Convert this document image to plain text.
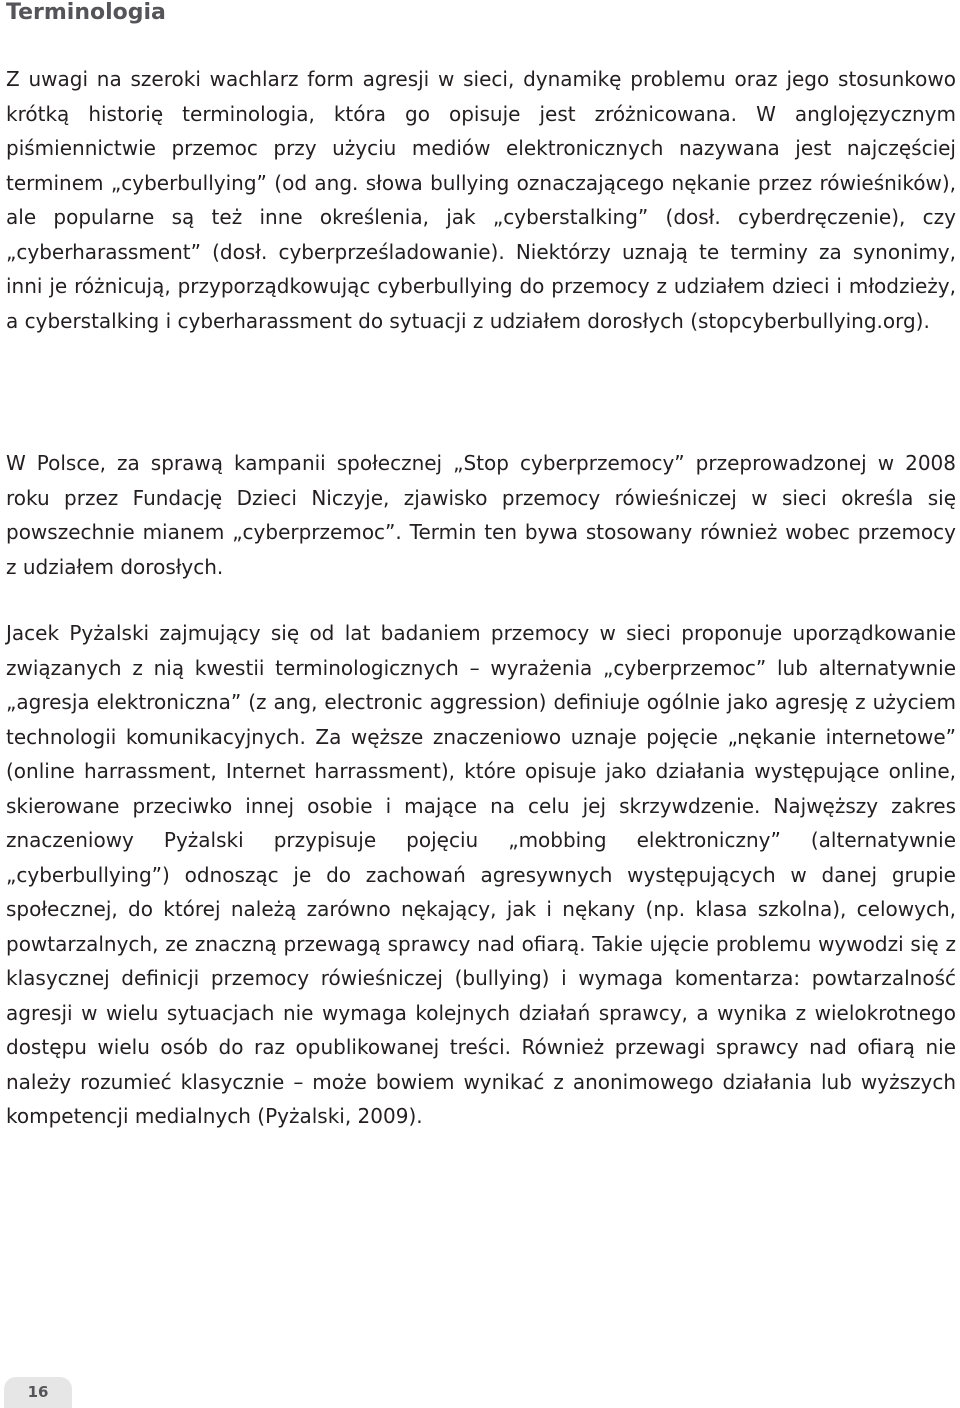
Terminologia

Z uwagi na szeroki wachlarz form agresji w sieci, dynamikę problemu oraz jego stosunkowo krótką historię terminologia, która go opisuje jest zróżnicowana. W anglojęzycznym piśmiennictwie przemoc przy użyciu mediów elektronicznych nazywana jest najczęściej terminem „cyberbullying” (od ang. słowa bullying oznaczającego nękanie przez rówieśników), ale popularne są też inne określenia, jak „cyberstalking” (dosł. cyberdręczenie), czy „cyberharassment” (dosł. cyberprześladowanie). Niektórzy uznają te terminy za synonimy, inni je różnicują, przyporządkowując cyberbullying do przemocy z udziałem dzieci i młodzieży, a cyberstalking i cyberharassment do sytuacji z udziałem dorosłych (stopcyberbullying.org).

W Polsce, za sprawą kampanii społecznej „Stop cyberprzemocy” przeprowadzonej w 2008 roku przez Fundację Dzieci Niczyje, zjawisko przemocy rówieśniczej w sieci określa się powszechnie mianem „cyberprzemoc”. Termin ten bywa stosowany również wobec przemocy z udziałem dorosłych.

Jacek Pyżalski zajmujący się od lat badaniem przemocy w sieci proponuje uporządkowanie związanych z nią kwestii terminologicznych – wyrażenia „cyberprzemoc” lub alternatywnie „agresja elektroniczna” (z ang, electronic aggression) definiuje ogólnie jako agresję z użyciem technologii komunikacyjnych. Za węższe znaczeniowo uznaje pojęcie „nękanie internetowe” (online harrassment, Internet harrassment), które opisuje jako działania występujące online, skierowane przeciwko innej osobie i mające na celu jej skrzywdzenie. Najwęższy zakres znaczeniowy Pyżalski przypisuje pojęciu „mobbing elektroniczny” (alternatywnie „cyberbullying”) odnosząc je do zachowań agresywnych występujących w danej grupie społecznej, do której należą zarówno nękający, jak i nękany (np. klasa szkolna), celowych, powtarzalnych, ze znaczną przewagą sprawcy nad ofiarą. Takie ujęcie problemu wywodzi się z klasycznej definicji przemocy rówieśniczej (bullying) i wymaga komentarza: powtarzalność agresji w wielu sytuacjach nie wymaga kolejnych działań sprawcy, a wynika z wielokrotnego dostępu wielu osób do raz opublikowanej treści. Również przewagi sprawcy nad ofiarą nie należy rozumieć klasycznie – może bowiem wynikać z anonimowego działania lub wyższych kompetencji medialnych (Pyżalski, 2009).

16
